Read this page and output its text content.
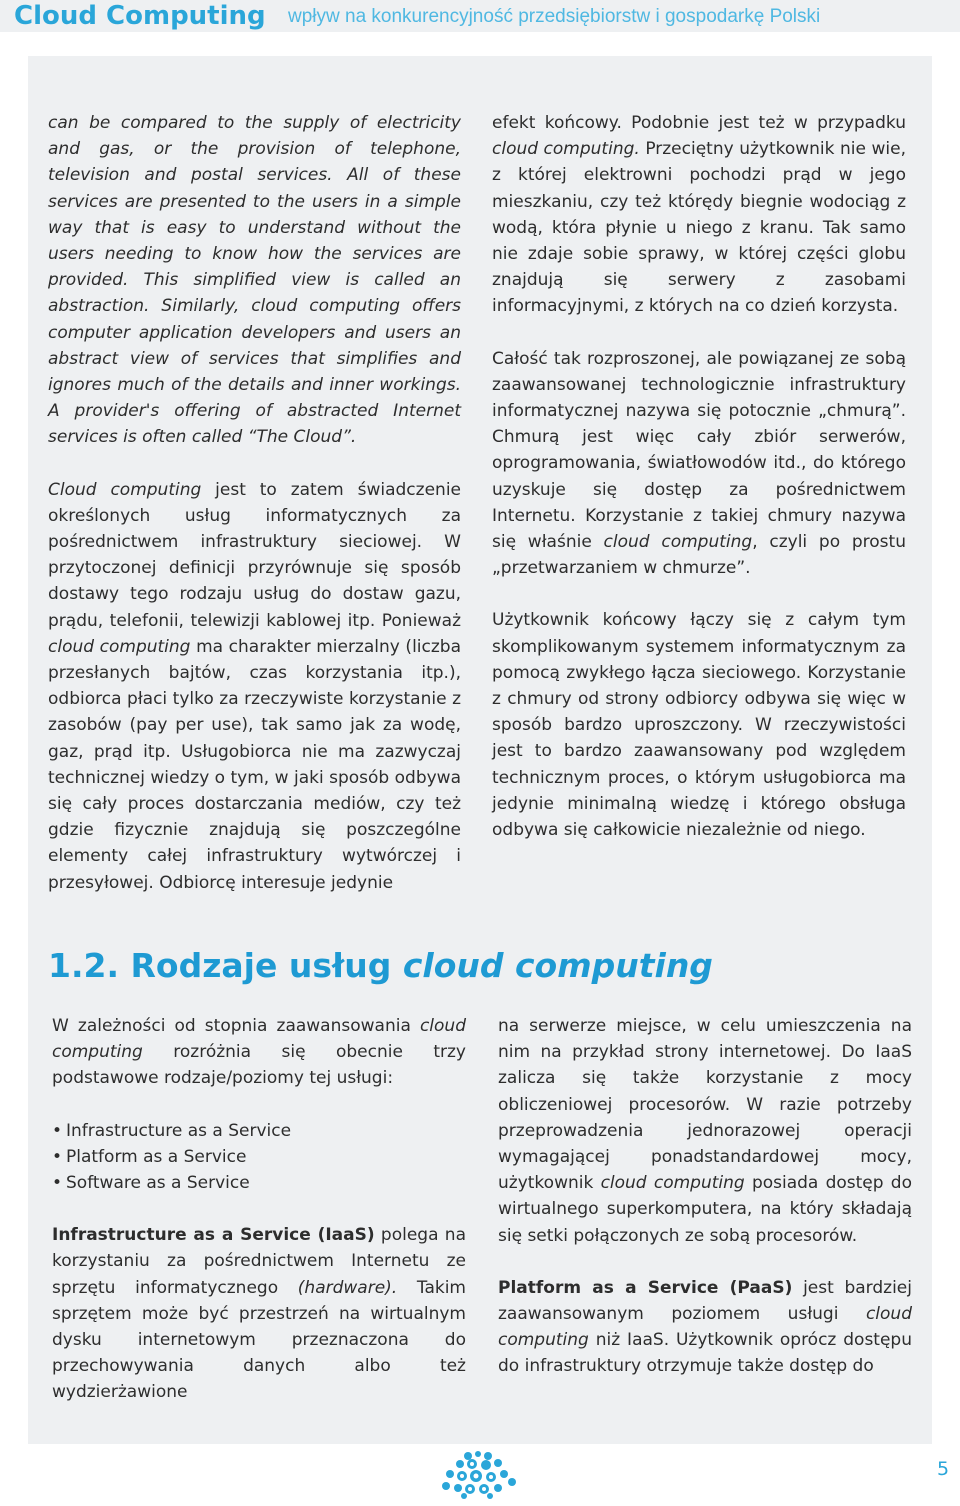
Cloud Computing wpływ na konkurencyjność przedsiębiorstw i gospodarkę Polski

can be compared to the supply of electricity and gas, or the provision of telephone, television and postal services. All of these services are presented to the users in a simple way that is easy to understand without the users needing to know how the services are provided. This simplified view is called an abstraction. Similarly, cloud computing offers computer application developers and users an abstract view of services that simplifies and ignores much of the details and inner workings. A provider's offering of abstracted Internet services is often called “The Cloud”.

Cloud computing jest to zatem świadczenie określonych usług informatycznych za pośrednictwem infrastruktury sieciowej. W przytoczonej definicji przyrównuje się sposób dostawy tego rodzaju usług do dostaw gazu, prądu, telefonii, telewizji kablowej itp. Ponieważ cloud computing ma charakter mierzalny (liczba przesłanych bajtów, czas korzystania itp.), odbiorca płaci tylko za rzeczywiste korzystanie z zasobów (pay per use), tak samo jak za wodę, gaz, prąd itp. Usługobiorca nie ma zazwyczaj technicznej wiedzy o tym, w jaki sposób odbywa się cały proces dostarczania mediów, czy też gdzie fizycznie znajdują się poszczególne elementy całej infrastruktury wytwórczej i przesyłowej. Odbiorcę interesuje jedynie

efekt końcowy. Podobnie jest też w przypadku cloud computing. Przeciętny użytkownik nie wie, z której elektrowni pochodzi prąd w jego mieszkaniu, czy też którędy biegnie wodociąg z wodą, która płynie u niego z kranu. Tak samo nie zdaje sobie sprawy, w której części globu znajdują się serwery z zasobami informacyjnymi, z których na co dzień korzysta.

Całość tak rozproszonej, ale powiązanej ze sobą zaawansowanej technologicznie infrastruktury informatycznej nazywa się potocznie „chmurą”. Chmurą jest więc cały zbiór serwerów, oprogramowania, światłowodów itd., do którego uzyskuje się dostęp za pośrednictwem Internetu. Korzystanie z takiej chmury nazywa się właśnie cloud computing, czyli po prostu „przetwarzaniem w chmurze”.

Użytkownik końcowy łączy się z całym tym skomplikowanym systemem informatycznym za pomocą zwykłego łącza sieciowego. Korzystanie z chmury od strony odbiorcy odbywa się więc w sposób bardzo uproszczony. W rzeczywistości jest to bardzo zaawansowany pod względem technicznym proces, o którym usługobiorca ma jedynie minimalną wiedzę i którego obsługa odbywa się całkowicie niezależnie od niego.

1.2. Rodzaje usług cloud computing

W zależności od stopnia zaawansowania cloud computing rozróżnia się obecnie trzy podstawowe rodzaje/poziomy tej usługi:

• Infrastructure as a Service
• Platform as a Service
• Software as a Service

Infrastructure as a Service (IaaS) polega na korzystaniu za pośrednictwem Internetu ze sprzętu informatycznego (hardware). Takim sprzętem może być przestrzeń na wirtualnym dysku internetowym przeznaczona do przechowywania danych albo też wydzierżawione

na serwerze miejsce, w celu umieszczenia na nim na przykład strony internetowej. Do IaaS zalicza się także korzystanie z mocy obliczeniowej procesorów. W razie potrzeby przeprowadzenia jednorazowej operacji wymagającej ponadstandardowej mocy, użytkownik cloud computing posiada dostęp do wirtualnego superkomputera, na który składają się setki połączonych ze sobą procesorów.

Platform as a Service (PaaS) jest bardziej zaawansowanym poziomem usługi cloud computing niż IaaS. Użytkownik oprócz dostępu do infrastruktury otrzymuje także dostęp do

5
